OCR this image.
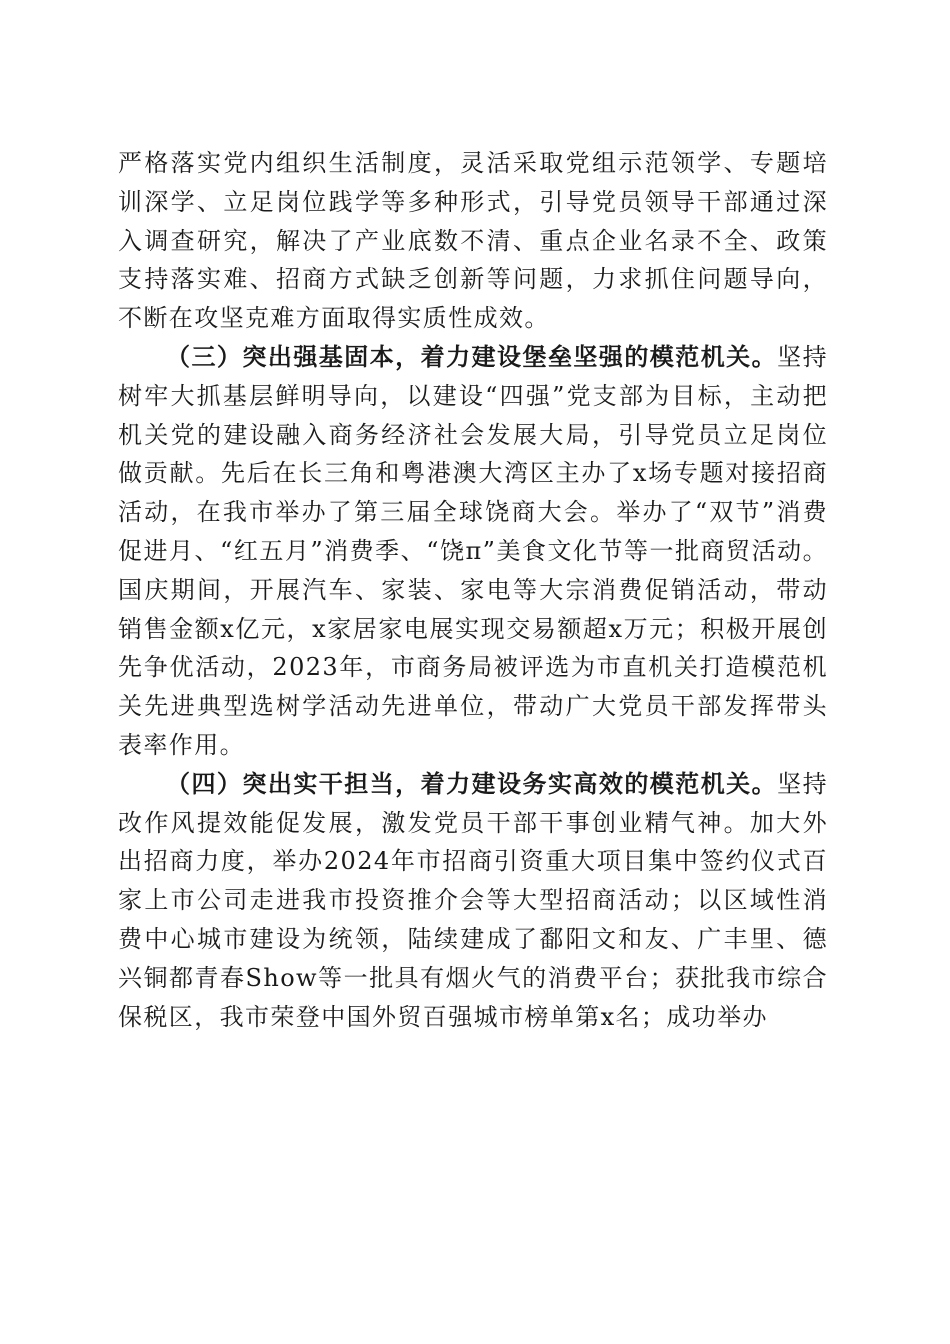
严格落实党内组织生活制度，灵活采取党组示范领学、专题培训深学、立足岗位践学等多种形式，引导党员领导干部通过深入调查研究，解决了产业底数不清、重点企业名录不全、政策支持落实难、招商方式缺乏创新等问题，力求抓住问题导向，不断在攻坚克难方面取得实质性成效。

（三）突出强基固本，着力建设堡垒坚强的模范机关。坚持树牢大抓基层鲜明导向，以建设“四强”党支部为目标，主动把机关党的建设融入商务经济社会发展大局，引导党员立足岗位做贡献。先后在长三角和粤港澳大湾区主办了x场专题对接招商活动，在我市举办了第三届全球饶商大会。举办了“双节”消费促进月、“红五月”消费季、“饶π”美食文化节等一批商贸活动。国庆期间，开展汽车、家装、家电等大宗消费促销活动，带动销售金额x亿元，x家居家电展实现交易额超x万元；积极开展创先争优活动，2023年，市商务局被评选为市直机关打造模范机关先进典型选树学活动先进单位，带动广大党员干部发挥带头表率作用。

（四）突出实干担当，着力建设务实高效的模范机关。坚持改作风提效能促发展，激发党员干部干事创业精气神。加大外出招商力度，举办2024年市招商引资重大项目集中签约仪式百家上市公司走进我市投资推介会等大型招商活动；以区域性消费中心城市建设为统领，陆续建成了鄱阳文和友、广丰里、德兴铜都青春Show等一批具有烟火气的消费平台；获批我市综合保税区，我市荣登中国外贸百强城市榜单第x名；成功举办
